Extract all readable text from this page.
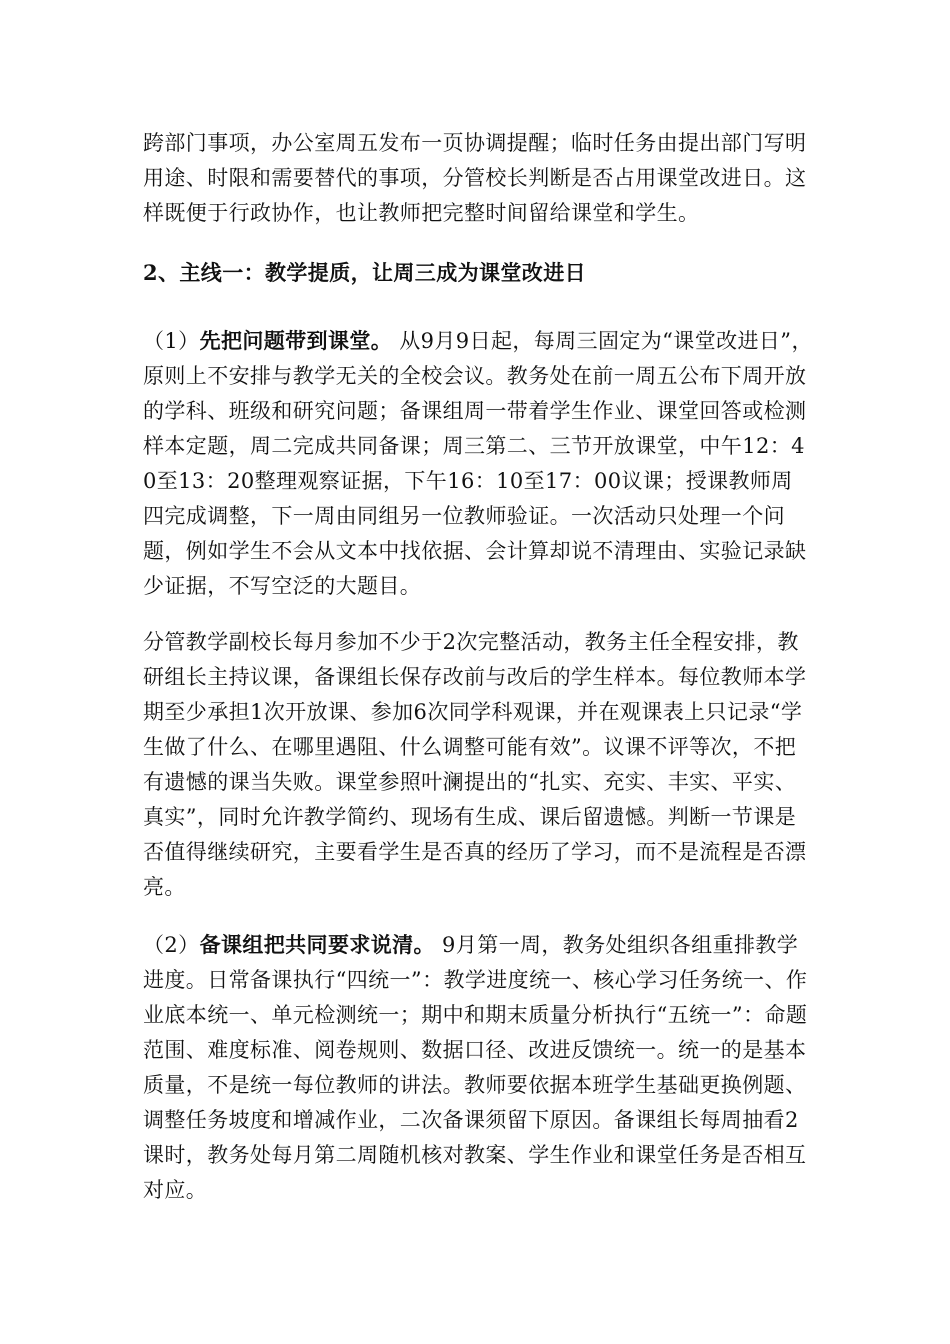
跨部门事项，办公室周五发布一页协调提醒；临时任务由提出部门写明用途、时限和需要替代的事项，分管校长判断是否占用课堂改进日。这样既便于行政协作，也让教师把完整时间留给课堂和学生。

2、主线一：教学提质，让周三成为课堂改进日

（1）先把问题带到课堂。 从9月9日起，每周三固定为“课堂改进日”，原则上不安排与教学无关的全校会议。教务处在前一周五公布下周开放的学科、班级和研究问题；备课组周一带着学生作业、课堂回答或检测样本定题，周二完成共同备课；周三第二、三节开放课堂，中午12：40至13：20整理观察证据，下午16：10至17：00议课；授课教师周四完成调整，下一周由同组另一位教师验证。一次活动只处理一个问题，例如学生不会从文本中找依据、会计算却说不清理由、实验记录缺少证据，不写空泛的大题目。

分管教学副校长每月参加不少于2次完整活动，教务主任全程安排，教研组长主持议课，备课组长保存改前与改后的学生样本。每位教师本学期至少承担1次开放课、参加6次同学科观课，并在观课表上只记录“学生做了什么、在哪里遇阻、什么调整可能有效”。议课不评等次，不把有遗憾的课当失败。课堂参照叶澜提出的“扎实、充实、丰实、平实、真实”，同时允许教学简约、现场有生成、课后留遗憾。判断一节课是否值得继续研究，主要看学生是否真的经历了学习，而不是流程是否漂亮。

（2）备课组把共同要求说清。 9月第一周，教务处组织各组重排教学进度。日常备课执行“四统一”：教学进度统一、核心学习任务统一、作业底本统一、单元检测统一；期中和期末质量分析执行“五统一”：命题范围、难度标准、阅卷规则、数据口径、改进反馈统一。统一的是基本质量，不是统一每位教师的讲法。教师要依据本班学生基础更换例题、调整任务坡度和增减作业，二次备课须留下原因。备课组长每周抽看2课时，教务处每月第二周随机核对教案、学生作业和课堂任务是否相互对应。
